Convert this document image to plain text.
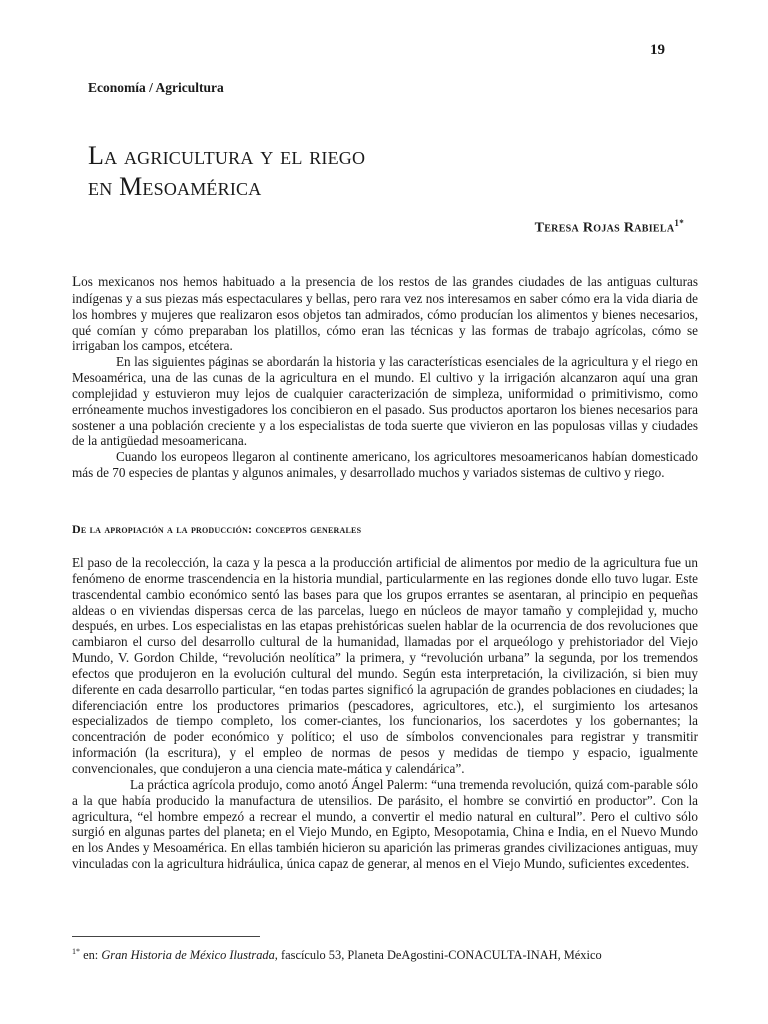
19
Economía / Agricultura
La agricultura y el riego
en Mesoamérica
Teresa Rojas Rabiela$^{1*}$

Los mexicanos nos hemos habituado a la presencia de los restos de las grandes ciudades de las antiguas culturas indígenas y a sus piezas más espectaculares y bellas, pero rara vez nos interesamos en saber cómo era la vida diaria de los hombres y mujeres que realizaron esos objetos tan admirados, cómo producían los alimentos y bienes necesarios, qué comían y cómo preparaban los platillos, cómo eran las técnicas y las formas de trabajo agrícolas, cómo se irrigaban los campos, etcétera.

En las siguientes páginas se abordarán la historia y las características esenciales de la agricultura y el riego en Mesoamérica, una de las cunas de la agricultura en el mundo. El cultivo y la irrigación alcanzaron aquí una gran complejidad y estuvieron muy lejos de cualquier caracterización de simpleza, uniformidad o primitivismo, como erróneamente muchos investigadores los concibieron en el pasado. Sus productos aportaron los bienes necesarios para sostener a una población creciente y a los especialistas de toda suerte que vivieron en las populosas villas y ciudades de la antigüedad mesoamericana.

Cuando los europeos llegaron al continente americano, los agricultores mesoamericanos habían domesticado más de 70 especies de plantas y algunos animales, y desarrollado muchos y variados sistemas de cultivo y riego.

De la apropiación a la producción: conceptos generales

El paso de la recolección, la caza y la pesca a la producción artificial de alimentos por medio de la agricultura fue un fenómeno de enorme trascendencia en la historia mundial, particularmente en las regiones donde ello tuvo lugar. Este trascendental cambio económico sentó las bases para que los grupos errantes se asentaran, al principio en pequeñas aldeas o en viviendas dispersas cerca de las parcelas, luego en núcleos de mayor tamaño y complejidad y, mucho después, en urbes. Los especialistas en las etapas prehistóricas suelen hablar de la ocurrencia de dos revoluciones que cambiaron el curso del desarrollo cultural de la humanidad, llamadas por el arqueólogo y prehistoriador del Viejo Mundo, V. Gordon Childe, “revolución neolítica” la primera, y “revolución urbana” la segunda, por los tremendos efectos que produjeron en la evolución cultural del mundo. Según esta interpretación, la civilización, si bien muy diferente en cada desarrollo particular, “en todas partes significó la agrupación de grandes poblaciones en ciudades; la diferenciación entre los productores primarios (pescadores, agricultores, etc.), el surgimiento los artesanos especializados de tiempo completo, los comer-ciantes, los funcionarios, los sacerdotes y los gobernantes; la concentración de poder económico y político; el uso de símbolos convencionales para registrar y transmitir información (la escritura), y el empleo de normas de pesos y medidas de tiempo y espacio, igualmente convencionales, que condujeron a una ciencia mate-mática y calendárica”.

La práctica agrícola produjo, como anotó Ángel Palerm: “una tremenda revolución, quizá com-parable sólo a la que había producido la manufactura de utensilios. De parásito, el hombre se convirtió en productor”. Con la agricultura, “el hombre empezó a recrear el mundo, a convertir el medio natural en cultural”. Pero el cultivo sólo surgió en algunas partes del planeta; en el Viejo Mundo, en Egipto, Mesopotamia, China e India, en el Nuevo Mundo en los Andes y Mesoamérica. En ellas también hicieron su aparición las primeras grandes civilizaciones antiguas, muy vinculadas con la agricultura hidráulica, única capaz de generar, al menos en el Viejo Mundo, suficientes excedentes.

$^{1*}$ en: Gran Historia de México Ilustrada, fascículo 53, Planeta DeAgostini-CONACULTA-INAH, México
